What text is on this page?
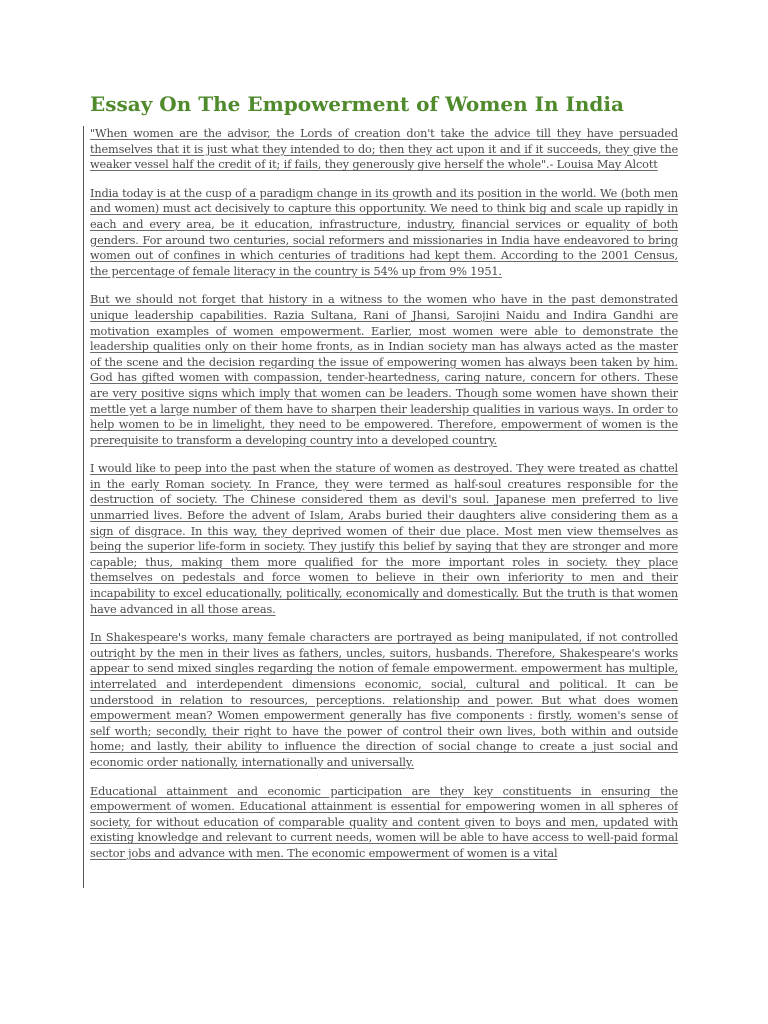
Essay On The Empowerment of Women In India

"When women are the advisor, the Lords of creation don't take the advice till they have persuaded themselves that it is just what they intended to do; then they act upon it and if it succeeds, they give the weaker vessel half the credit of it; if fails, they generously give herself the whole".- Louisa May Alcott

India today is at the cusp of a paradigm change in its growth and its position in the world. We (both men and women) must act decisively to capture this opportunity. We need to think big and scale up rapidly in each and every area, be it education, infrastructure, industry, financial services or equality of both genders. For around two centuries, social reformers and missionaries in India have endeavored to bring women out of confines in which centuries of traditions had kept them. According to the 2001 Census, the percentage of female literacy in the country is 54% up from 9% 1951.

But we should not forget that history in a witness to the women who have in the past demonstrated unique leadership capabilities. Razia Sultana, Rani of Jhansi, Sarojini Naidu and Indira Gandhi are motivation examples of women empowerment. Earlier, most women were able to demonstrate the leadership qualities only on their home fronts, as in Indian society man has always acted as the master of the scene and the decision regarding the issue of empowering women has always been taken by him. God has gifted women with compassion, tender-heartedness, caring nature, concern for others. These are very positive signs which imply that women can be leaders. Though some women have shown their mettle yet a large number of them have to sharpen their leadership qualities in various ways. In order to help women to be in limelight, they need to be empowered. Therefore, empowerment of women is the prerequisite to transform a developing country into a developed country.

I would like to peep into the past when the stature of women as destroyed. They were treated as chattel in the early Roman society. In France, they were termed as half-soul creatures responsible for the destruction of society. The Chinese considered them as devil's soul. Japanese men preferred to live unmarried lives. Before the advent of Islam, Arabs buried their daughters alive considering them as a sign of disgrace. In this way, they deprived women of their due place. Most men view themselves as being the superior life-form in society. They justify this belief by saying that they are stronger and more capable; thus, making them more qualified for the more important roles in society. they place themselves on pedestals and force women to believe in their own inferiority to men and their incapability to excel educationally, politically, economically and domestically. But the truth is that women have advanced in all those areas.

In Shakespeare's works, many female characters are portrayed as being manipulated, if not controlled outright by the men in their lives as fathers, uncles, suitors, husbands. Therefore, Shakespeare's works appear to send mixed singles regarding the notion of female empowerment. empowerment has multiple, interrelated and interdependent dimensions economic, social, cultural and political. It can be understood in relation to resources, perceptions. relationship and power. But what does women empowerment mean? Women empowerment generally has five components : firstly, women's sense of self worth; secondly, their right to have the power of control their own lives, both within and outside home; and lastly, their ability to influence the direction of social change to create a just social and economic order nationally, internationally and universally.

Educational attainment and economic participation are they key constituents in ensuring the empowerment of women. Educational attainment is essential for empowering women in all spheres of society, for without education of comparable quality and content given to boys and men, updated with existing knowledge and relevant to current needs, women will be able to have access to well-paid formal sector jobs and advance with men. The economic empowerment of women is a vital
